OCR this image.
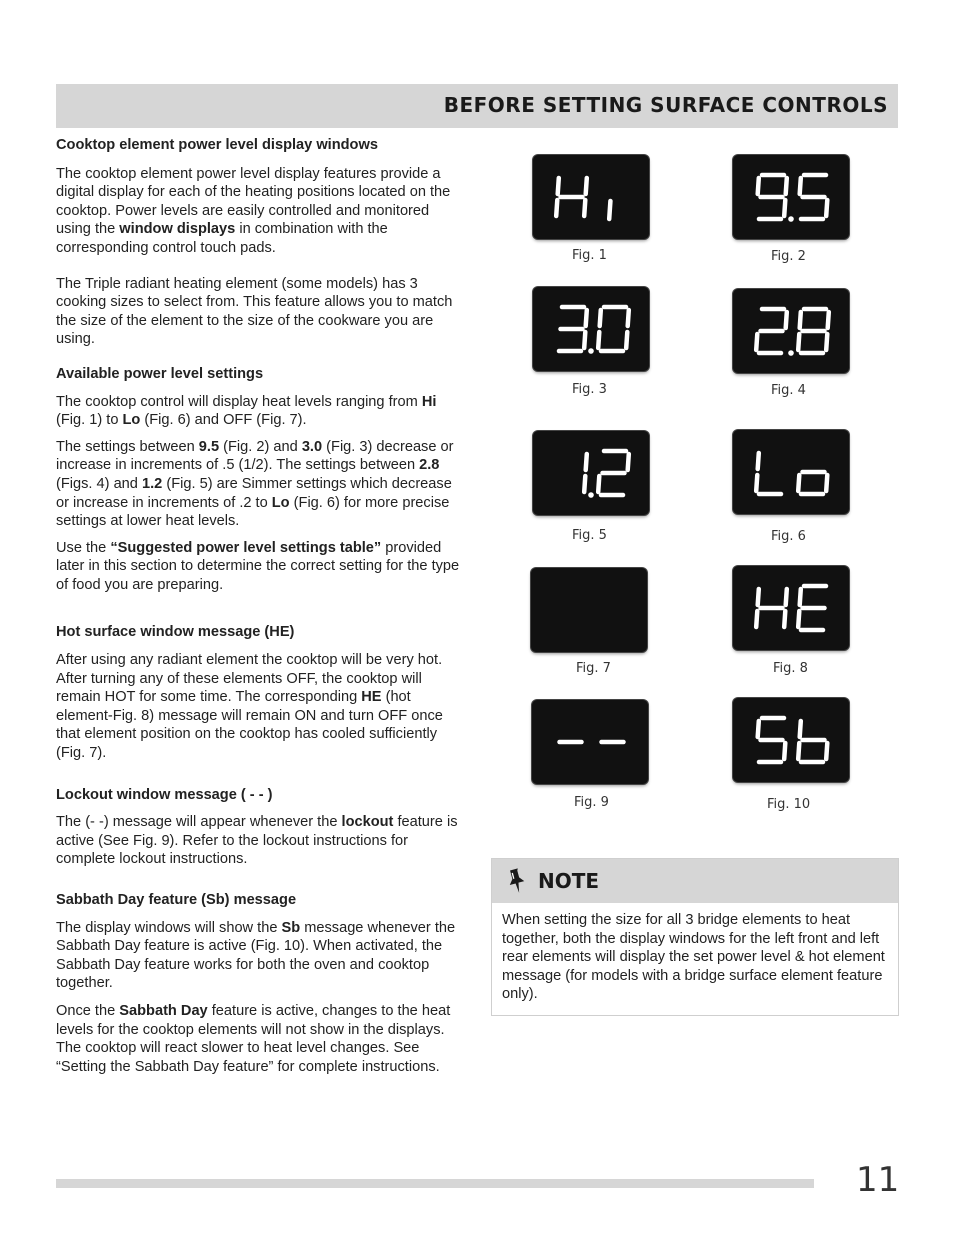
BEFORE SETTING SURFACE CONTROLS

Cooktop element power level display windows

The cooktop element power level display features provide a digital display for each of the heating positions located on the cooktop. Power levels are easily controlled and monitored using the window displays in combination with the corresponding control touch pads.

The Triple radiant heating element (some models) has 3 cooking sizes to select from. This feature allows you to match the size of the element to the size of the cookware you are using.

Available power level settings

The cooktop control will display heat levels ranging from Hi (Fig. 1) to Lo (Fig. 6) and OFF (Fig. 7).

The settings between 9.5 (Fig. 2) and 3.0 (Fig. 3) decrease or increase in increments of .5 (1/2). The settings between 2.8 (Figs. 4) and 1.2 (Fig. 5) are Simmer settings which decrease or increase in increments of .2 to Lo (Fig. 6) for more precise settings at lower heat levels.

Use the “Suggested power level settings table” provided later in this section to determine the correct setting for the type of food you are preparing.

Hot surface window message (HE)

After using any radiant element the cooktop will be very hot. After turning any of these elements OFF, the cooktop will remain HOT for some time. The corresponding HE (hot element-Fig. 8) message will remain ON and turn OFF once that element position on the cooktop has cooled sufficiently (Fig. 7).

Lockout window message ( - - )

The (- -) message will appear whenever the lockout feature is active (See Fig. 9). Refer to the lockout instructions for complete lockout instructions.

Sabbath Day feature (Sb) message

The display windows will show the Sb message whenever the Sabbath Day feature is active (Fig. 10). When activated, the Sabbath Day feature works for both the oven and cooktop together.

Once the Sabbath Day feature is active, changes to the heat levels for the cooktop elements will not show in the displays. The cooktop will react slower to heat level changes. See “Setting the Sabbath Day feature” for complete instructions.

Fig. 1	Fig. 2
Fig. 3	Fig. 4
Fig. 5	Fig. 6
Fig. 7	Fig. 8
Fig. 9	Fig. 10
NOTE
When setting the size for all 3 bridge elements to heat together, both the display windows for the left front and left rear elements will display the set power level & hot element message (for models with a bridge surface element feature only).
11
